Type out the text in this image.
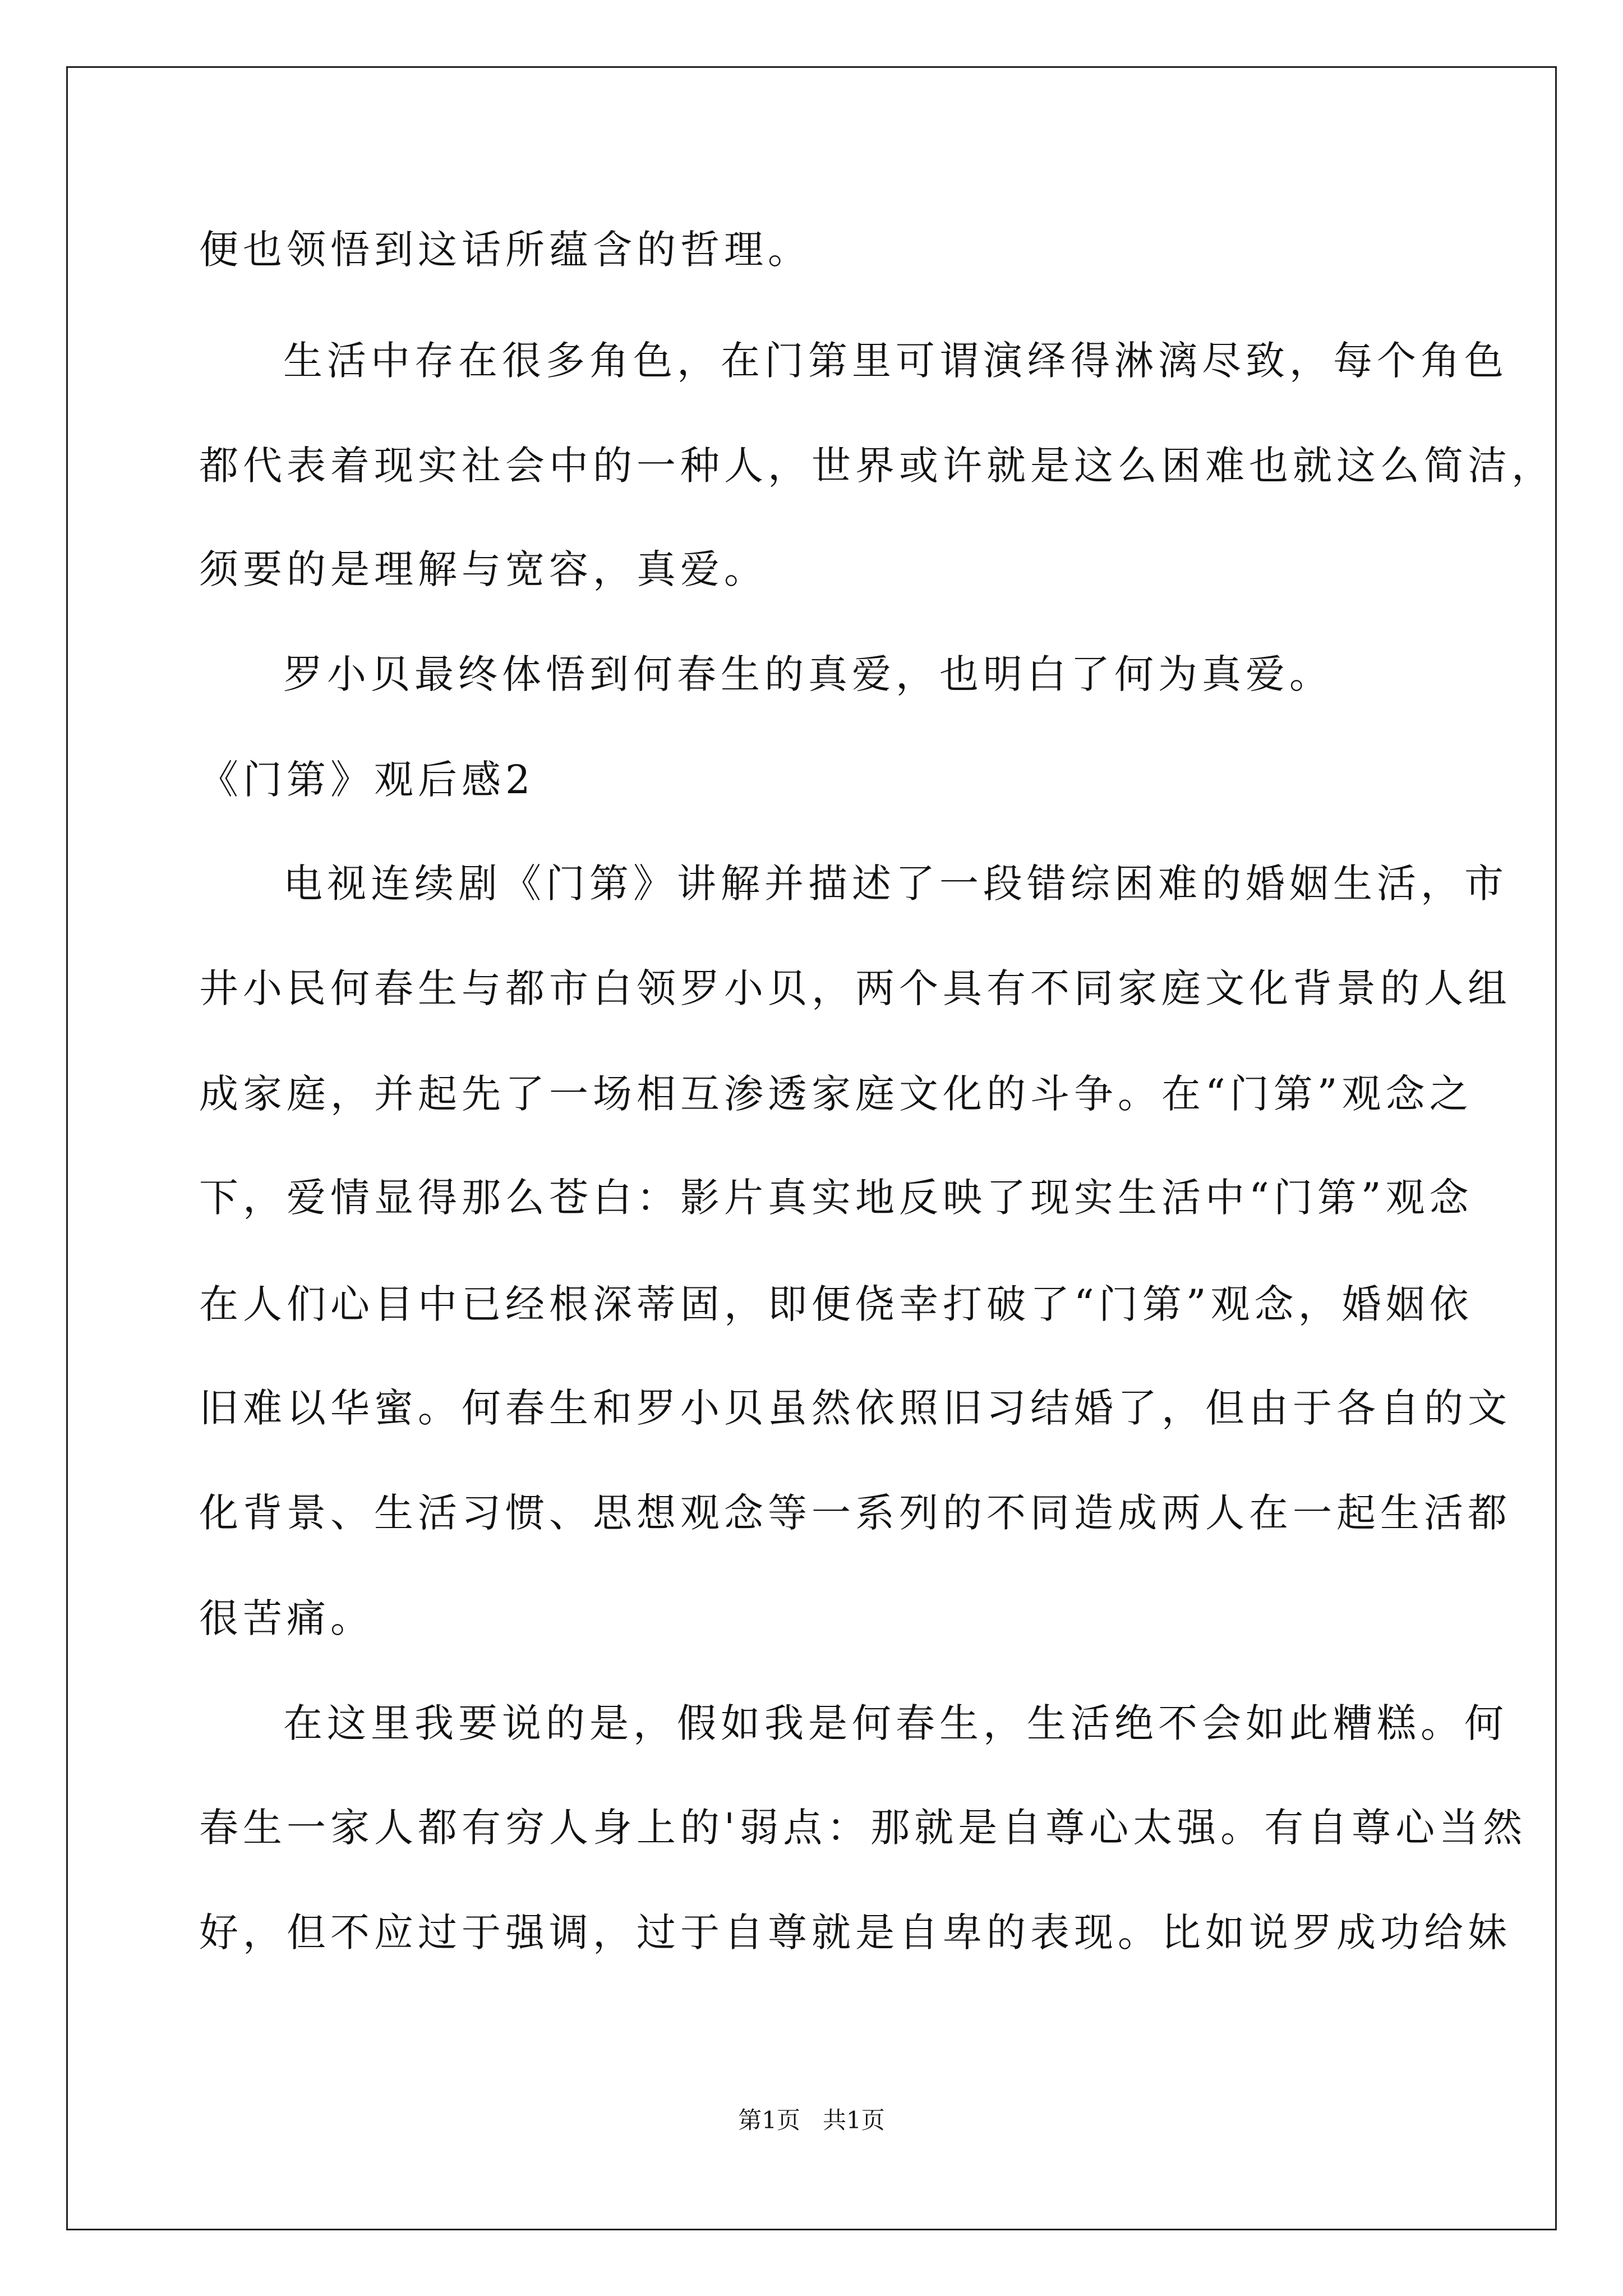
便也领悟到这话所蕴含的哲理。
生活中存在很多角色，在门第里可谓演绎得淋漓尽致，每个角色
都代表着现实社会中的一种人，世界或许就是这么困难也就这么简洁，
须要的是理解与宽容，真爱。
罗小贝最终体悟到何春生的真爱，也明白了何为真爱。
《门第》观后感2
电视连续剧《门第》讲解并描述了一段错综困难的婚姻生活，市
井小民何春生与都市白领罗小贝，两个具有不同家庭文化背景的人组
成家庭，并起先了一场相互渗透家庭文化的斗争。在“门第”观念之
下，爱情显得那么苍白：影片真实地反映了现实生活中“门第”观念
在人们心目中已经根深蒂固，即便侥幸打破了“门第”观念，婚姻依
旧难以华蜜。何春生和罗小贝虽然依照旧习结婚了，但由于各自的文
化背景、生活习惯、思想观念等一系列的不同造成两人在一起生活都
很苦痛。
在这里我要说的是，假如我是何春生，生活绝不会如此糟糕。何
春生一家人都有穷人身上的'弱点：那就是自尊心太强。有自尊心当然
好，但不应过于强调，过于自尊就是自卑的表现。比如说罗成功给妹
第1页   共1页
